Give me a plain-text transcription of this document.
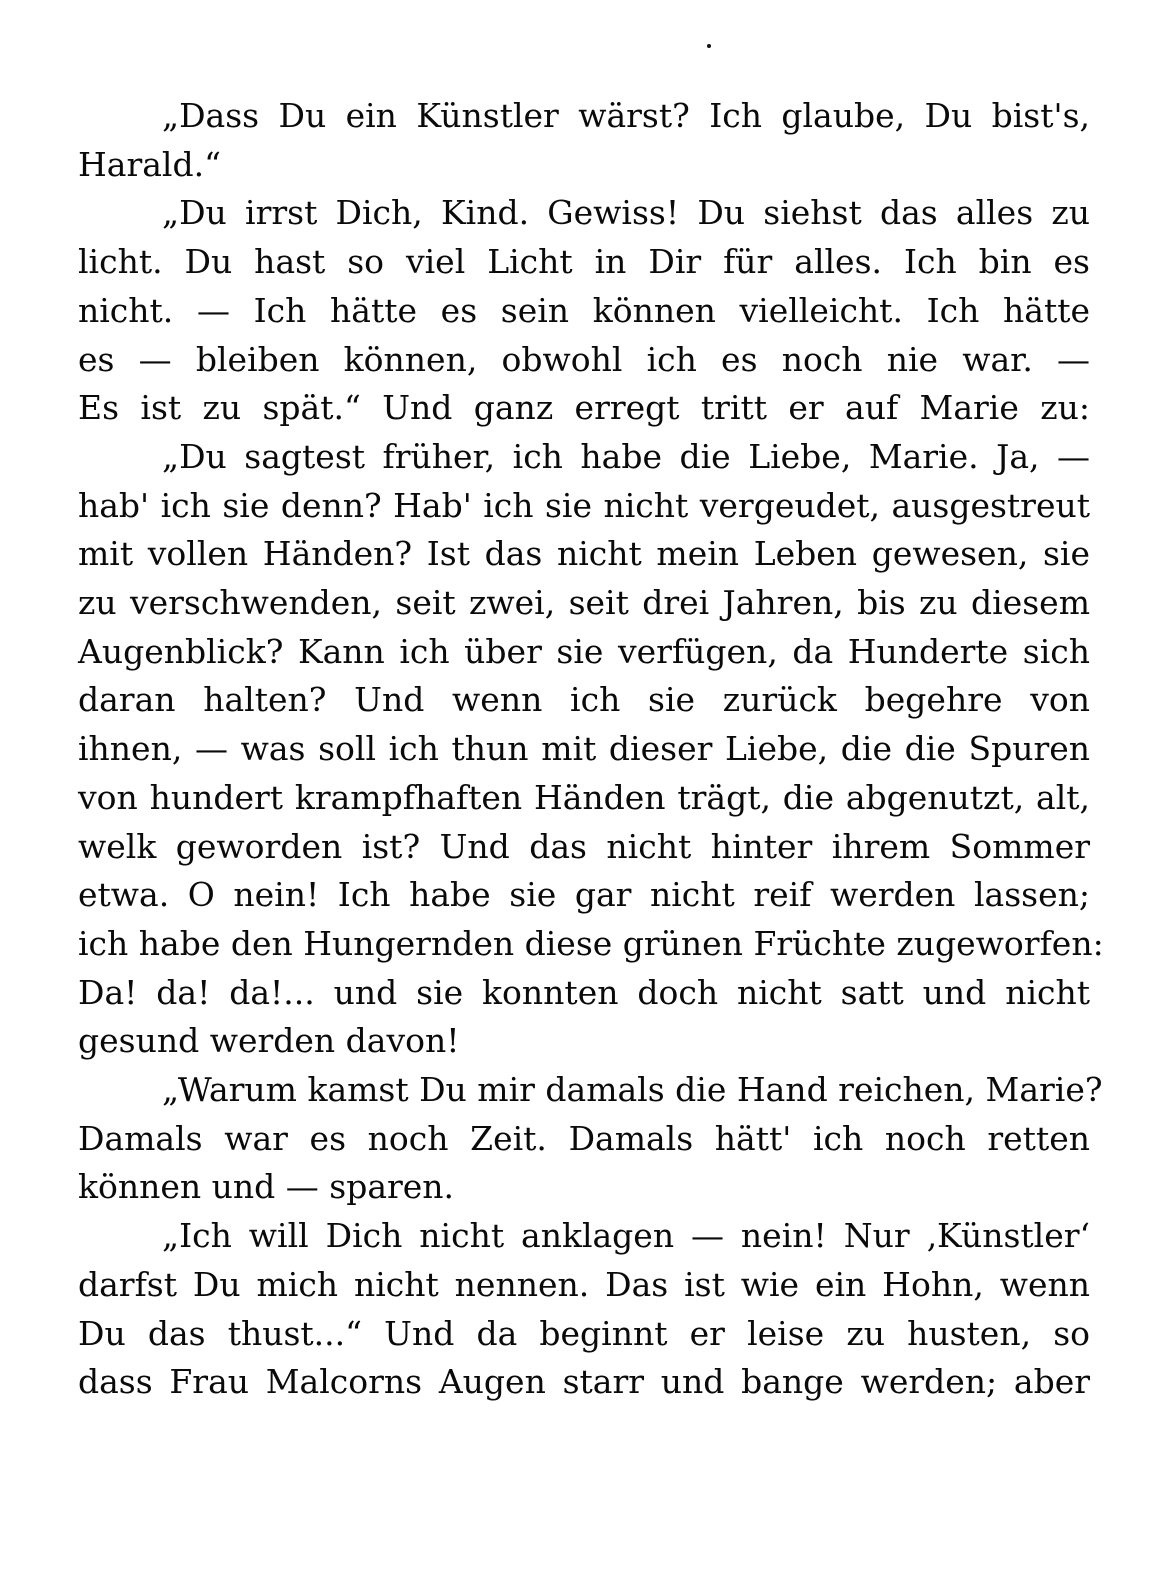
„Dass Du ein Künstler wärst? Ich glaube, Du bist's,
Harald.“

„Du irrst Dich, Kind. Gewiss! Du siehst das alles zu
licht. Du hast so viel Licht in Dir für alles. Ich bin es
nicht. — Ich hätte es sein können vielleicht. Ich hätte
es — bleiben können, obwohl ich es noch nie war. —
Es ist zu spät.“ Und ganz erregt tritt er auf Marie zu:

„Du sagtest früher, ich habe die Liebe, Marie. Ja, —
hab' ich sie denn? Hab' ich sie nicht vergeudet, ausgestreut
mit vollen Händen? Ist das nicht mein Leben gewesen, sie
zu verschwenden, seit zwei, seit drei Jahren, bis zu diesem
Augenblick? Kann ich über sie verfügen, da Hunderte sich
daran halten? Und wenn ich sie zurück begehre von
ihnen, — was soll ich thun mit dieser Liebe, die die Spuren
von hundert krampfhaften Händen trägt, die abgenutzt, alt,
welk geworden ist? Und das nicht hinter ihrem Sommer
etwa. O nein! Ich habe sie gar nicht reif werden lassen;
ich habe den Hungernden diese grünen Früchte zugeworfen:
Da! da! da!... und sie konnten doch nicht satt und nicht
gesund werden davon!

„Warum kamst Du mir damals die Hand reichen, Marie?
Damals war es noch Zeit. Damals hätt' ich noch retten
können und — sparen.

„Ich will Dich nicht anklagen — nein! Nur ‚Künstler‘
darfst Du mich nicht nennen. Das ist wie ein Hohn, wenn
Du das thust...“ Und da beginnt er leise zu husten, so
dass Frau Malcorns Augen starr und bange werden; aber
